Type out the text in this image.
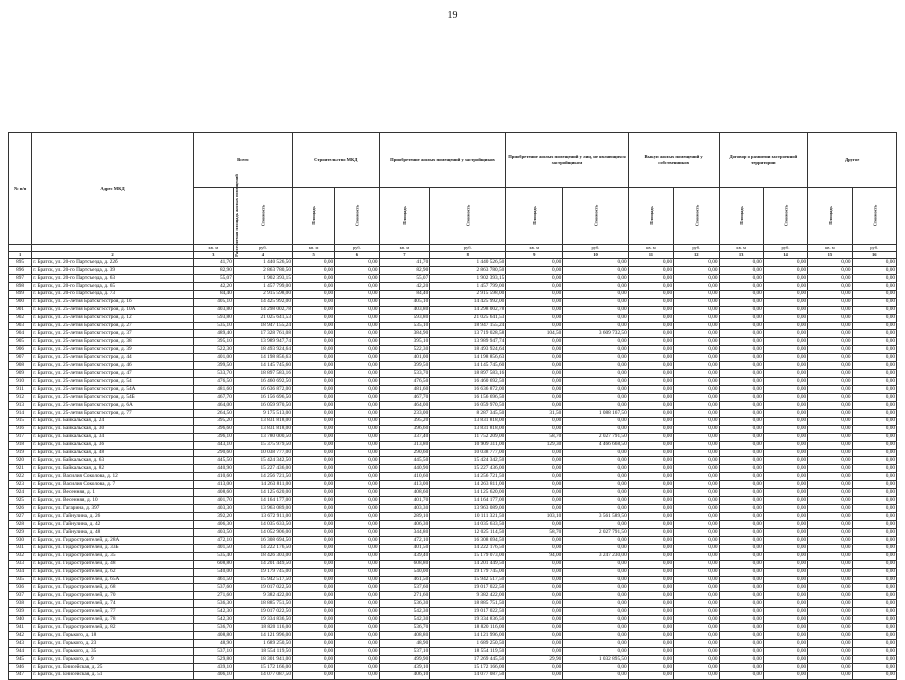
19
№ п/п	Адрес МКД	Всего		Строительство МКД		Приобретение жилых помещений у застройщиков		Приобретение жилых помещений у лиц, не являющихся застройщиком		Выкуп жилых помещений у собственников		Договор о развитии застроенной территории		Другое	
		Расселяемая площадь жилых помещений	Стоимость	Площадь	Стоимость	Площадь	Стоимость	Площадь	Стоимость	Площадь	Стоимость	Площадь	Стоимость	Площадь	Стоимость
		кв. м	руб.	кв. м	руб.	кв. м	руб.	кв. м	руб.	кв. м	руб.	кв. м	руб.	кв. м	руб.
1	2	3	4	5	6	7	8	9	10	11	12	13	14	15	16
895	г. Братск, ул. 20-го Партсъезда, д. 22б	41,70	1 440 526,50	0,00	0,00	41,70	1 440 526,50	0,00	0,00	0,00	0,00	0,00	0,00	0,00	0,00
896	г. Братск, ул. 20-го Партсъезда, д. 39	82,90	2 863 780,50	0,00	0,00	82,90	2 863 780,50	0,00	0,00	0,00	0,00	0,00	0,00	0,00	0,00
897	г. Братск, ул. 20-го Партсъезда, д. 63	55,07	1 902 393,15	0,00	0,00	55,07	1 902 393,15	0,00	0,00	0,00	0,00	0,00	0,00	0,00	0,00
898	г. Братск, ул. 20-го Партсъезда, д. 65	42,20	1 457 799,00	0,00	0,00	42,20	1 457 799,00	0,00	0,00	0,00	0,00	0,00	0,00	0,00	0,00
899	г. Братск, ул. 20-го Партсъезда, д. 73	84,40	2 915 598,00	0,00	0,00	84,40	2 915 598,00	0,00	0,00	0,00	0,00	0,00	0,00	0,00	0,00
900	г. Братск, ул. 25-летия Братскгэсстроя, д. 1б	405,10	14 425 992,00	0,00	0,00	405,10	14 425 992,00	0,00	0,00	0,00	0,00	0,00	0,00	0,00	0,00
901	г. Братск, ул. 25-летия Братскгэсстроя, д. 10А	403,80	14 298 002,78	0,00	0,00	403,80	14 298 002,78	0,00	0,00	0,00	0,00	0,00	0,00	0,00	0,00
902	г. Братск, ул. 25-летия Братскгэсстроя, д. 12	593,80	21 025 641,53	0,00	0,00	593,80	21 025 641,53	0,00	0,00	0,00	0,00	0,00	0,00	0,00	0,00
903	г. Братск, ул. 25-летия Братскгэсстроя, д. 27	535,10	18 947 155,24	0,00	0,00	535,10	18 947 155,24	0,00	0,00	0,00	0,00	0,00	0,00	0,00	0,00
904	г. Братск, ул. 25-летия Братскгэсстроя, д. 37	489,40	17 328 761,08	0,00	0,00	384,90	13 719 028,58	104,50	3 609 732,50	0,00	0,00	0,00	0,00	0,00	0,00
905	г. Братск, ул. 25-летия Братскгэсстроя, д. 38	395,10	13 989 947,74	0,00	0,00	395,10	13 989 947,74	0,00	0,00	0,00	0,00	0,00	0,00	0,00	0,00
906	г. Братск, ул. 25-летия Братскгэсстроя, д. 39	522,30	18 493 924,64	0,00	0,00	522,30	18 493 924,64	0,00	0,00	0,00	0,00	0,00	0,00	0,00	0,00
907	г. Братск, ул. 25-летия Братскгэсстроя, д. 44	401,00	14 198 856,63	0,00	0,00	401,00	14 198 856,63	0,00	0,00	0,00	0,00	0,00	0,00	0,00	0,00
908	г. Братск, ул. 25-летия Братскгэсстроя, д. 46	399,50	14 145 745,60	0,00	0,00	399,50	14 145 745,60	0,00	0,00	0,00	0,00	0,00	0,00	0,00	0,00
909	г. Братск, ул. 25-летия Братскгэсстроя, д. 47	533,70	18 897 583,16	0,00	0,00	533,70	18 897 583,16	0,00	0,00	0,00	0,00	0,00	0,00	0,00	0,00
910	г. Братск, ул. 25-летия Братскгэсстроя, д. 54	476,50	16 460 692,50	0,00	0,00	476,50	16 460 692,50	0,00	0,00	0,00	0,00	0,00	0,00	0,00	0,00
911	г. Братск, ул. 25-летия Братскгэсстроя, д. 54А	481,60	16 636 872,00	0,00	0,00	481,60	16 636 872,00	0,00	0,00	0,00	0,00	0,00	0,00	0,00	0,00
912	г. Братск, ул. 25-летия Братскгэсстроя, д. 54Б	467,70	16 156 696,50	0,00	0,00	467,70	16 156 696,50	0,00	0,00	0,00	0,00	0,00	0,00	0,00	0,00
913	г. Братск, ул. 25-летия Братскгэсстроя, д. 6А	464,00	16 059 970,50	0,00	0,00	464,00	16 059 970,50	0,00	0,00	0,00	0,00	0,00	0,00	0,00	0,00
914	г. Братск, ул. 25-летия Братскгэсстроя, д. 77	264,50	9 175 513,00	0,00	0,00	233,00	8 287 345,50	31,50	1 088 167,50	0,00	0,00	0,00	0,00	0,00	0,00
915	г. Братск, ул. Байкальская, д. 24	395,20	13 831 818,00	0,00	0,00	395,20	13 831 818,00	0,00	0,00	0,00	0,00	0,00	0,00	0,00	0,00
916	г. Братск, ул. Байкальская, д. 30	396,60	13 831 818,00	0,00	0,00	396,60	13 831 818,00	0,00	0,00	0,00	0,00	0,00	0,00	0,00	0,00
917	г. Братск, ул. Байкальская, д. 34	396,10	13 780 000,50	0,00	0,00	337,40	11 752 209,00	58,70	2 027 791,50	0,00	0,00	0,00	0,00	0,00	0,00
918	г. Братск, ул. Байкальская, д. 36	443,10	15 375 979,50	0,00	0,00	313,80	10 909 311,00	129,30	4 466 668,50	0,00	0,00	0,00	0,00	0,00	0,00
919	г. Братск, ул. Байкальская, д. 48	290,60	10 038 777,00	0,00	0,00	290,60	10 038 777,00	0,00	0,00	0,00	0,00	0,00	0,00	0,00	0,00
920	г. Братск, ул. Байкальская, д. 63	445,50	15 424 342,50	0,00	0,00	445,50	15 424 342,50	0,00	0,00	0,00	0,00	0,00	0,00	0,00	0,00
921	г. Братск, ул. Байкальская, д. 82	440,90	15 227 436,00	0,00	0,00	440,90	15 227 436,00	0,00	0,00	0,00	0,00	0,00	0,00	0,00	0,00
922	г. Братск, ул. Василия Соколова, д. 12	410,60	14 256 721,50	0,00	0,00	410,60	14 256 721,50	0,00	0,00	0,00	0,00	0,00	0,00	0,00	0,00
923	г. Братск, ул. Василия Соколова, д. 7	413,00	14 263 811,00	0,00	0,00	413,00	14 263 811,00	0,00	0,00	0,00	0,00	0,00	0,00	0,00	0,00
924	г. Братск, ул. Весенняя, д. 1	408,60	14 125 620,00	0,00	0,00	408,60	14 125 620,00	0,00	0,00	0,00	0,00	0,00	0,00	0,00	0,00
925	г. Братск, ул. Весенняя, д. 10	401,70	14 164 177,00	0,00	0,00	401,70	14 164 177,00	0,00	0,00	0,00	0,00	0,00	0,00	0,00	0,00
926	г. Братск, ул. Гагарина, д. 397	403,30	13 963 089,00	0,00	0,00	403,30	13 963 089,00	0,00	0,00	0,00	0,00	0,00	0,00	0,00	0,00
927	г. Братск, ул. Гайнулина, д. 26	392,20	13 672 911,00	0,00	0,00	289,10	10 111 321,50	103,10	3 561 589,50	0,00	0,00	0,00	0,00	0,00	0,00
928	г. Братск, ул. Гайнулина, д. 42	406,30	14 035 633,50	0,00	0,00	406,30	14 035 633,50	0,00	0,00	0,00	0,00	0,00	0,00	0,00	0,00
929	г. Братск, ул. Гайнулина, д. 48	403,50	14 052 906,00	0,00	0,00	344,80	12 025 114,50	58,70	2 027 791,50	0,00	0,00	0,00	0,00	0,00	0,00
930	г. Братск, ул. Гидростроителей, д. 28А	472,10	16 308 694,50	0,00	0,00	472,10	16 308 694,50	0,00	0,00	0,00	0,00	0,00	0,00	0,00	0,00
931	г. Братск, ул. Гидростроителей, д. 33Б	401,50	14 222 176,50	0,00	0,00	401,50	14 222 176,50	0,00	0,00	0,00	0,00	0,00	0,00	0,00	0,00
932	г. Братск, ул. Гидростроителей, д. 35	535,40	18 426 303,00	0,00	0,00	439,40	15 179 073,00	94,00	3 247 230,00	0,00	0,00	0,00	0,00	0,00	0,00
933	г. Братск, ул. Гидростроителей, д. 48	608,80	14 201 449,50	0,00	0,00	608,80	14 201 449,50	0,00	0,00	0,00	0,00	0,00	0,00	0,00	0,00
934	г. Братск, ул. Гидростроителей, д. 62	540,00	19 179 745,00	0,00	0,00	540,00	19 179 745,00	0,00	0,00	0,00	0,00	0,00	0,00	0,00	0,00
935	г. Братск, ул. Гидростроителей, д. 65А	461,50	15 942 517,50	0,00	0,00	461,50	15 942 517,50	0,00	0,00	0,00	0,00	0,00	0,00	0,00	0,00
936	г. Братск, ул. Гидростроителей, д. 68	537,60	19 017 022,50	0,00	0,00	537,60	19 017 022,50	0,00	0,00	0,00	0,00	0,00	0,00	0,00	0,00
937	г. Братск, ул. Гидростроителей, д. 70	271,60	9 382 422,00	0,00	0,00	271,60	9 382 422,00	0,00	0,00	0,00	0,00	0,00	0,00	0,00	0,00
938	г. Братск, ул. Гидростроителей, д. 74	536,30	18 885 751,50	0,00	0,00	536,30	18 885 751,50	0,00	0,00	0,00	0,00	0,00	0,00	0,00	0,00
939	г. Братск, ул. Гидростроителей, д. 77	542,30	19 017 022,50	0,00	0,00	542,30	19 017 022,50	0,00	0,00	0,00	0,00	0,00	0,00	0,00	0,00
940	г. Братск, ул. Гидростроителей, д. 78	542,30	19 334 836,50	0,00	0,00	542,30	19 334 836,50	0,00	0,00	0,00	0,00	0,00	0,00	0,00	0,00
941	г. Братск, ул. Гидростроителей, д. 82	536,70	18 820 116,00	0,00	0,00	536,70	18 820 116,00	0,00	0,00	0,00	0,00	0,00	0,00	0,00	0,00
942	г. Братск, ул. Горького, д. 18	408,80	14 121 996,00	0,00	0,00	408,80	14 121 996,00	0,00	0,00	0,00	0,00	0,00	0,00	0,00	0,00
943	г. Братск, ул. Горького, д. 23	48,90	1 689 250,50	0,00	0,00	48,90	1 689 250,50	0,00	0,00	0,00	0,00	0,00	0,00	0,00	0,00
944	г. Братск, ул. Горького, д. 35	537,10	18 554 119,50	0,00	0,00	537,10	18 554 119,50	0,00	0,00	0,00	0,00	0,00	0,00	0,00	0,00
945	г. Братск, ул. Горького, д. 9	529,80	18 301 941,00	0,00	0,00	499,90	17 269 445,50	29,90	1 032 895,50	0,00	0,00	0,00	0,00	0,00	0,00
946	г. Братск, ул. Енисейская, д. 25	439,10	15 172 166,00	0,00	0,00	439,10	15 172 166,00	0,00	0,00	0,00	0,00	0,00	0,00	0,00	0,00
947	г. Братск, ул. Енисейская, д. 51	406,10	14 077 087,50	0,00	0,00	406,10	14 077 087,50	0,00	0,00	0,00	0,00	0,00	0,00	0,00	0,00
